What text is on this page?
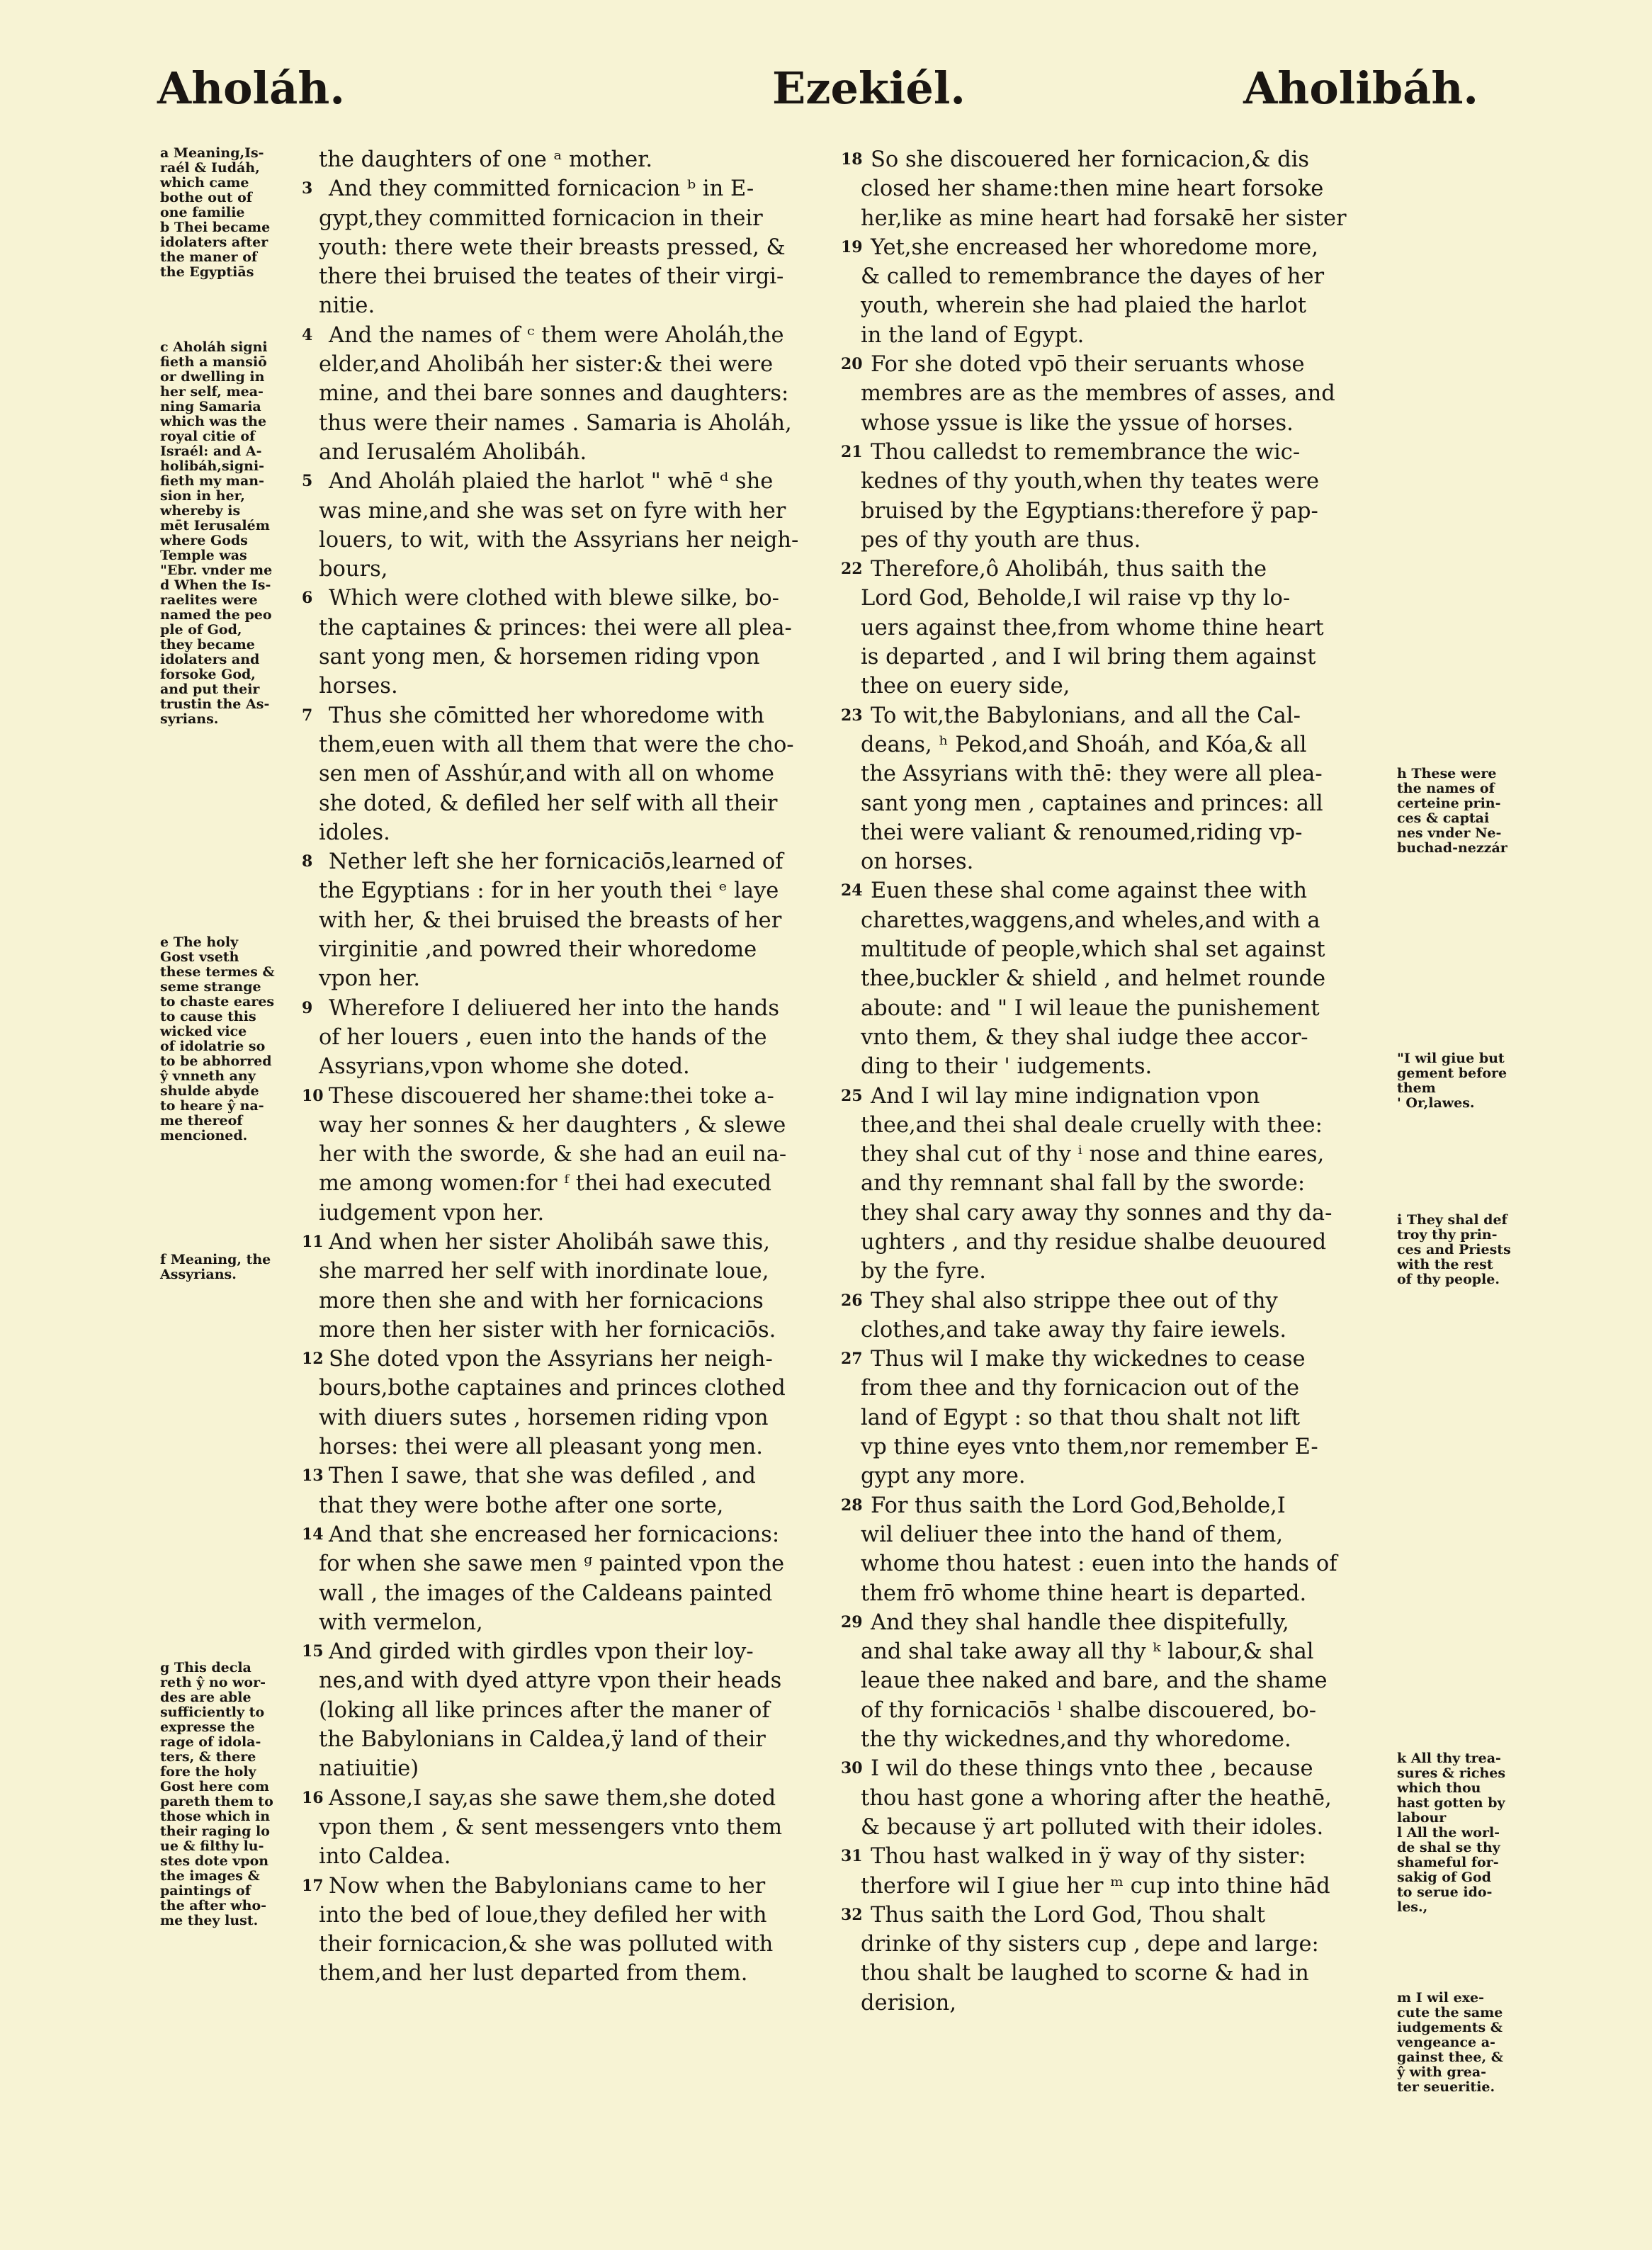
Aholáh.	Ezekiél.	Aholibáh.
the daughters of one ᵃ mother.
3 And they committed fornicacion ᵇ in E-
gypt,they committed fornicacion in their
youth: there wete their breasts pressed, &
there thei bruised the teates of their virgi-
nitie.
4 And the names of ᶜ them were Aholáh,the
elder,and Aholibáh her sister:& thei were
mine, and thei bare sonnes and daughters:
thus were their names . Samaria is Aholáh,
and Ierusalém Aholibáh.
5 And Aholáh plaied the harlot " whē ᵈ she
was mine,and she was set on fyre with her
louers, to wit, with the Assyrians her neigh-
bours,
6 Which were clothed with blewe silke, bo-
the captaines & princes: thei were all plea-
sant yong men, & horsemen riding vpon
horses.
7 Thus she cōmitted her whoredome with
them,euen with all them that were the cho-
sen men of Asshúr,and with all on whome
she doted, & defiled her self with all their
idoles.
8 Nether left she her fornicaciōs,learned of
the Egyptians : for in her youth thei ᵉ laye
with her, & thei bruised the breasts of her
virginitie ,and powred their whoredome
vpon her.
9 Wherefore I deliuered her into the hands
of her louers , euen into the hands of the
Assyrians,vpon whome she doted.
10 These discouered her shame:thei toke a-
way her sonnes & her daughters , & slewe
her with the sworde, & she had an euil na-
me among women:for ᶠ thei had executed
iudgement vpon her.
11 And when her sister Aholibáh sawe this,
she marred her self with inordinate loue,
more then she and with her fornicacions
more then her sister with her fornicaciōs.
12 She doted vpon the Assyrians her neigh-
bours,bothe captaines and princes clothed
with diuers sutes , horsemen riding vpon
horses: thei were all pleasant yong men.
13 Then I sawe, that she was defiled , and
that they were bothe after one sorte,
14 And that she encreased her fornicacions:
for when she sawe men ᵍ painted vpon the
wall , the images of the Caldeans painted
with vermelon,
15 And girded with girdles vpon their loy-
nes,and with dyed attyre vpon their heads
(loking all like princes after the maner of
the Babylonians in Caldea,ÿ land of their
natiuitie)
16 Assone,I say,as she sawe them,she doted
vpon them , & sent messengers vnto them
into Caldea.
17 Now when the Babylonians came to her
into the bed of loue,they defiled her with
their fornicacion,& she was polluted with
them,and her lust departed from them.
18 So she discouered her fornicacion,& dis
closed her shame:then mine heart forsoke
her,like as mine heart had forsakē her sister
19 Yet,she encreased her whoredome more,
& called to remembrance the dayes of her
youth, wherein she had plaied the harlot
in the land of Egypt.
20 For she doted vpō their seruants whose
membres are as the membres of asses, and
whose yssue is like the yssue of horses.
21 Thou calledst to remembrance the wic-
kednes of thy youth,when thy teates were
bruised by the Egyptians:therefore ÿ pap-
pes of thy youth are thus.
22 Therefore,ô Aholibáh, thus saith the
Lord God, Beholde,I wil raise vp thy lo-
uers against thee,from whome thine heart
is departed , and I wil bring them against
thee on euery side,
23 To wit,the Babylonians, and all the Cal-
deans, ʰ Pekod,and Shoáh, and Kóa,& all
the Assyrians with thē: they were all plea-
sant yong men , captaines and princes: all
thei were valiant & renoumed,riding vp-
on horses.
24 Euen these shal come against thee with
charettes,waggens,and wheles,and with a
multitude of people,which shal set against
thee,buckler & shield , and helmet rounde
aboute: and " I wil leaue the punishement
vnto them, & they shal iudge thee accor-
ding to their ' iudgements.
25 And I wil lay mine indignation vpon
thee,and thei shal deale cruelly with thee:
they shal cut of thy ⁱ nose and thine eares,
and thy remnant shal fall by the sworde:
they shal cary away thy sonnes and thy da-
ughters , and thy residue shalbe deuoured
by the fyre.
26 They shal also strippe thee out of thy
clothes,and take away thy faire iewels.
27 Thus wil I make thy wickednes to cease
from thee and thy fornicacion out of the
land of Egypt : so that thou shalt not lift
vp thine eyes vnto them,nor remember E-
gypt any more.
28 For thus saith the Lord God,Beholde,I
wil deliuer thee into the hand of them,
whome thou hatest : euen into the hands of
them frō whome thine heart is departed.
29 And they shal handle thee dispitefully,
and shal take away all thy ᵏ labour,& shal
leaue thee naked and bare, and the shame
of thy fornicaciōs ˡ shalbe discouered, bo-
the thy wickednes,and thy whoredome.
30 I wil do these things vnto thee , because
thou hast gone a whoring after the heathē,
& because ÿ art polluted with their idoles.
31 Thou hast walked in ÿ way of thy sister:
therfore wil I giue her ᵐ cup into thine hād
32 Thus saith the Lord God, Thou shalt
drinke of thy sisters cup , depe and large:
thou shalt be laughed to scorne & had in
derision,
a Meaning,Is-
raél & Iudáh,
which came
bothe out of
one familie
b Thei became
idolaters after
the maner of
the Egyptiās
c Aholáh signi
fieth a mansiō
or dwelling in
her self, mea-
ning Samaria
which was the
royal citie of
Israél: and A-
holibáh,signi-
fieth my man-
sion in her,
whereby is
mēt Ierusalém
where Gods
Temple was
"Ebr. vnder me
d When the Is-
raelites were
named the peo
ple of God,
they became
idolaters and
forsoke God,
and put their
trustin the As-
syrians.
e The holy
Gost vseth
these termes &
seme strange
to chaste eares
to cause this
wicked vice
of idolatrie so
to be abhorred
ŷ vnneth any
shulde abyde
to heare ŷ na-
me thereof
mencioned.
f Meaning, the
Assyrians.
g This decla
reth ŷ no wor-
des are able
sufficiently to
expresse the
rage of idola-
ters, & there
fore the holy
Gost here com
pareth them to
those which in
their raging lo
ue & filthy lu-
stes dote vpon
the images &
paintings of
the after who-
me they lust.
h These were
the names of
certeine prin-
ces & captai
nes vnder Ne-
buchad-nezzár
"I wil giue but
gement before
them
' Or,lawes.
i They shal def
troy thy prin-
ces and Priests
with the rest
of thy people.
k All thy trea-
sures & riches
which thou
hast gotten by
labour
l All the worl-
de shal se thy
shameful for-
sakig of God
to serue ido-
les.,
m I wil exe-
cute the same
iudgements &
vengeance a-
gainst thee, &
ŷ with grea-
ter seueritie.
